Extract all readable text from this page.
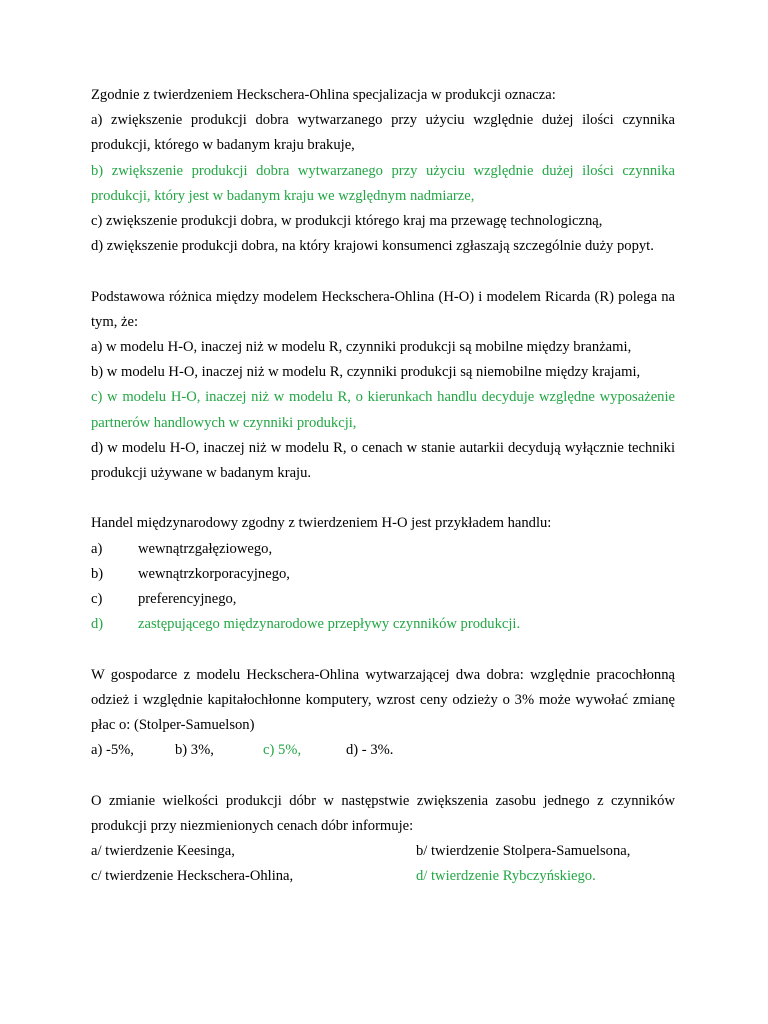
Zgodnie z twierdzeniem Heckschera-Ohlina specjalizacja w produkcji oznacza:

a) zwiększenie produkcji dobra wytwarzanego przy użyciu względnie dużej ilości czynnika produkcji, którego w badanym kraju brakuje,

b) zwiększenie produkcji dobra wytwarzanego przy użyciu względnie dużej ilości czynnika produkcji, który jest w badanym kraju we względnym nadmiarze,

c) zwiększenie produkcji dobra, w produkcji którego kraj ma przewagę technologiczną,

d) zwiększenie produkcji dobra, na który krajowi konsumenci zgłaszają szczególnie duży popyt.

Podstawowa różnica między modelem Heckschera-Ohlina (H-O) i modelem Ricarda (R) polega na tym, że:

a) w modelu H-O, inaczej niż w modelu R, czynniki produkcji są mobilne między branżami,

b) w modelu H-O, inaczej niż w modelu R, czynniki produkcji są niemobilne między krajami,

c) w modelu H-O, inaczej niż w modelu R, o kierunkach handlu decyduje względne wyposażenie partnerów handlowych w czynniki produkcji,

d) w modelu H-O, inaczej niż w modelu R, o cenach w stanie autarkii decydują wyłącznie techniki produkcji używane w badanym kraju.

Handel międzynarodowy zgodny z twierdzeniem H-O jest przykładem handlu:

a)	wewnątrzgałęziowego,
b)	wewnątrzkorporacyjnego,
c)	preferencyjnego,
d)	zastępującego międzynarodowe przepływy czynników produkcji.

W gospodarce z modelu Heckschera-Ohlina wytwarzającej dwa dobra: względnie pracochłonną odzież i względnie kapitałochłonne komputery, wzrost ceny odzieży o 3% może wywołać zmianę płac o: (Stolper-Samuelson)

a) -5%,	b) 3%,	c) 5%,	d) - 3%.

O zmianie wielkości produkcji dóbr w następstwie zwiększenia zasobu jednego z czynników produkcji przy niezmienionych cenach dóbr informuje:

a/ twierdzenie Keesinga,	b/ twierdzenie Stolpera-Samuelsona,
c/ twierdzenie Heckschera-Ohlina,	d/ twierdzenie Rybczyńskiego.
